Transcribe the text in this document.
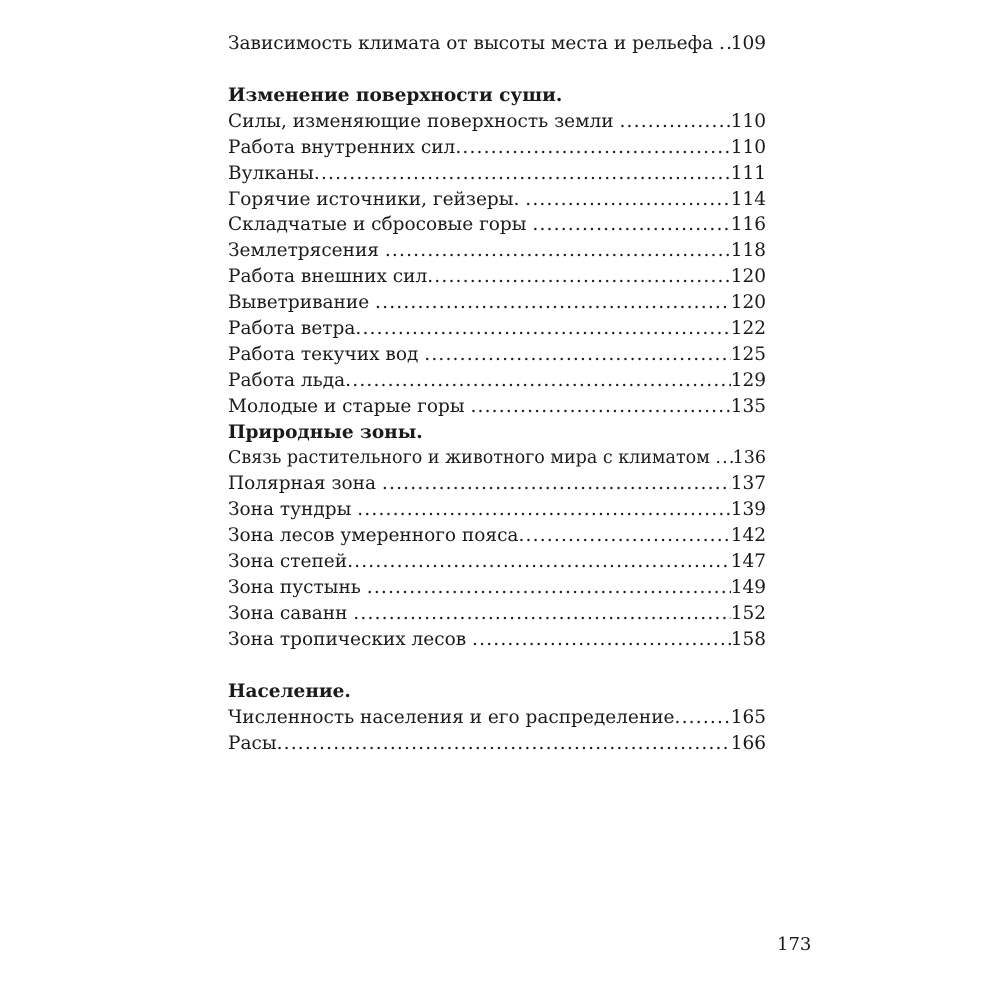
Зависимость климата от высоты места и рельефа ..... 109
Изменение поверхности суши.
Силы, изменяющие поверхность земли .....	110
Работа внутренних сил .....	110
Вулканы .....	111
Горячие источники, гейзеры. .....	114
Складчатые и сбросовые горы .....	116
Землетрясения .....	118
Работа внешних сил .....	120
Выветривание .....	120
Работа ветра .....	122
Работа текучих вод .....	125
Работа льда .....	129
Молодые и старые горы .....	135
Природные зоны.
Связь растительного и животного мира с климатом ..... 136
Полярная зона .....	137
Зона тундры .....	139
Зона лесов умеренного пояса .....	142
Зона степей .....	147
Зона пустынь .....	149
Зона саванн .....	152
Зона тропических лесов .....	158
Население.
Численность населения и его распределение .....	165
Расы .....	166
173
